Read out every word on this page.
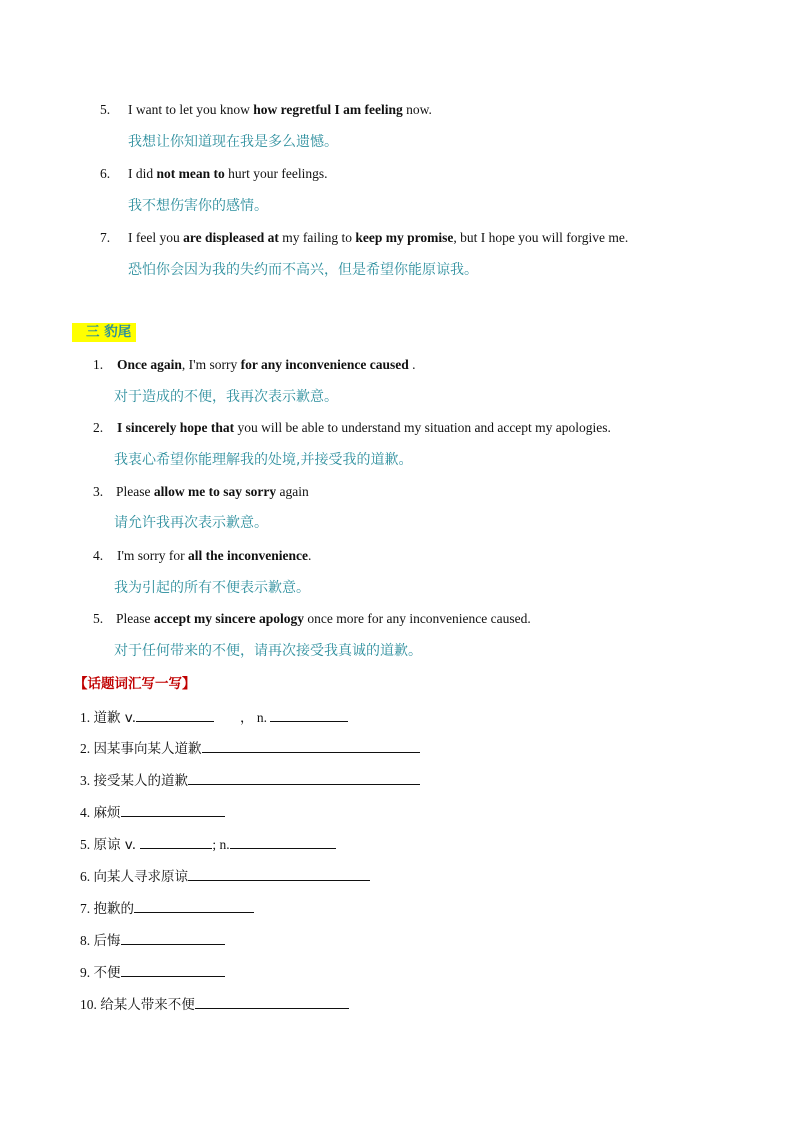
5. I want to let you know how regretful I am feeling now.
我想让你知道现在我是多么遗憾。
6. I did not mean to hurt your feelings.
我不想伤害你的感情。
7. I feel you are displeased at my failing to keep my promise, but I hope you will forgive me.
恐怕你会因为我的失约而不高兴，但是希望你能原谅我。
三 豹尾
1. Once again, I'm sorry for any inconvenience caused .
对于造成的不便，我再次表示歉意。
2. I sincerely hope that you will be able to understand my situation and accept my apologies.
我衷心希望你能理解我的处境,并接受我的道歉。
3. Please allow me to say sorry again
请允许我再次表示歉意。
4. I'm sorry for all the inconvenience.
我为引起的所有不便表示歉意。
5. Please accept my sincere apology once more for any inconvenience caused.
对于任何带来的不便，请再次接受我真诚的道歉。
【话题词汇写一写】
1. 道歉 v.	， n.
2. 因某事向某人道歉
3. 接受某人的道歉
4. 麻烦
5. 原谅 v.	; n.
6. 向某人寻求原谅
7. 抱歉的
8. 后悔
9. 不便
10. 给某人带来不便
